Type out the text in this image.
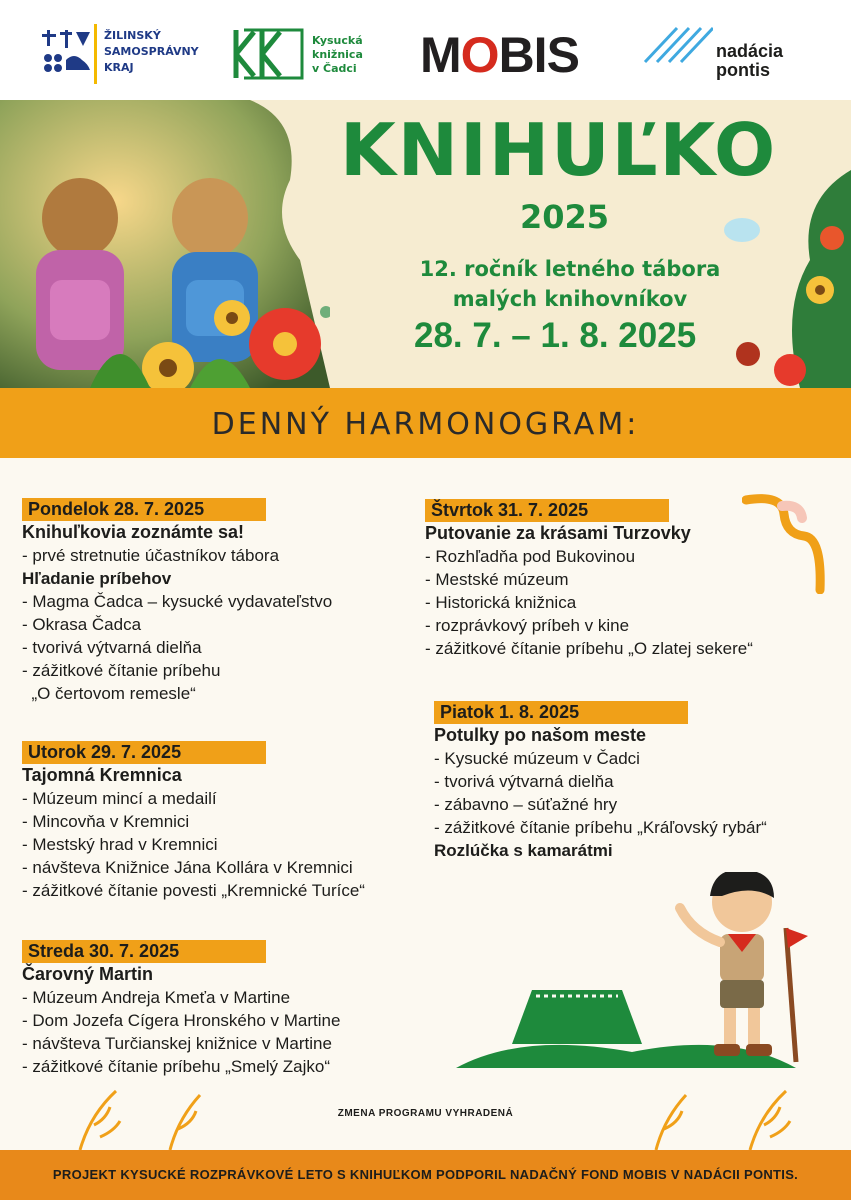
ŽILINSKÝ
SAMOSPRÁVNY
KRAJ
Kysucká
knižnica
v Čadci MOBIS	nadácia
pontis
KNIHUĽKO
2025
12. ročník letného tábora
malých knihovníkov
28. 7. – 1. 8. 2025
DENNÝ HARMONOGRAM:
Pondelok 28. 7. 2025
Knihuľkovia zoznámte sa!
- prvé stretnutie účastníkov tábora
Hľadanie príbehov
- Magma Čadca – kysucké vydavateľstvo
- Okrasa Čadca
- tvorivá výtvarná dielňa
- zážitkové čítanie príbehu
„O čertovom remesle“
Utorok 29. 7. 2025
Tajomná Kremnica
- Múzeum mincí a medailí
- Mincovňa v Kremnici
- Mestský hrad v Kremnici
- návšteva Knižnice Jána Kollára v Kremnici
- zážitkové čítanie povesti „Kremnické Turíce“
Streda 30. 7. 2025
Čarovný Martin
- Múzeum Andreja Kmeťa v Martine
- Dom Jozefa Cígera Hronského v Martine
- návšteva Turčianskej knižnice v Martine
- zážitkové čítanie príbehu „Smelý Zajko“
Štvrtok 31. 7. 2025
Putovanie za krásami Turzovky
- Rozhľadňa pod Bukovinou
- Mestské múzeum
- Historická knižnica
- rozprávkový príbeh v kine
- zážitkové čítanie príbehu „O zlatej sekere“
Piatok 1. 8. 2025
Potulky po našom meste
- Kysucké múzeum v Čadci
- tvorivá výtvarná dielňa
- zábavno – súťažné hry
- zážitkové čítanie príbehu „Kráľovský rybár“
Rozlúčka s kamarátmi
ZMENA PROGRAMU VYHRADENÁ
PROJEKT KYSUCKÉ ROZPRÁVKOVÉ LETO S KNIHUĽKOM PODPORIL NADAČNÝ FOND MOBIS V NADÁCII PONTIS.
